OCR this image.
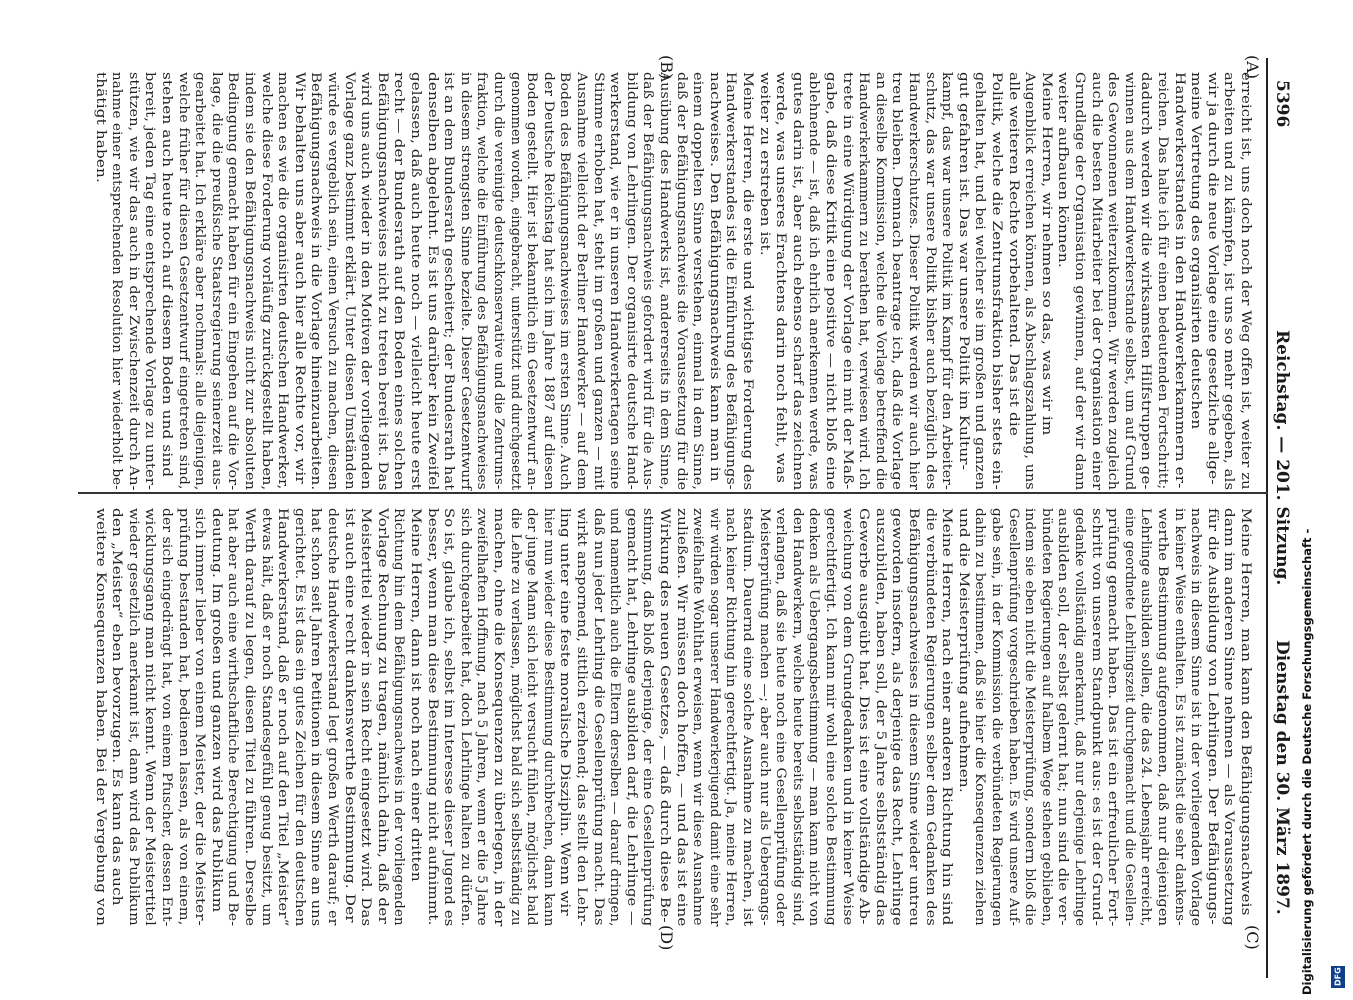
5396
Reichstag. — 201. Sitzung.
Dienstag den 30. März 1897.
(A)
(B)
(C)
(D)
erreicht ist, uns doch noch der Weg offen ist, weiter zu
arbeiten und zu kämpfen, ist uns so mehr gegeben, als
wir ja durch die neue Vorlage eine gesetzliche allge-
meine Vertretung des organisirten deutschen
Handwerkerstandes in den Handwerkerkammern er-
reichen. Das halte ich für einen bedeutenden Fortschritt;
dadurch werden wir die wirksamsten Hilfstruppen ge-
winnen aus dem Handwerkerstande selbst, um auf Grund
des Gewonnenen weiterzukommen. Wir werden zugleich
auch die besten Mitarbeiter bei der Organisation einer
Grundlage der Organisation gewinnen, auf der wir dann
weiter aufbauen können.
Meine Herren, wir nehmen so das, was wir im
Augenblick erreichen können, als Abschlagszahlung, uns
alle weiteren Rechte vorbehaltend. Das ist die
Politik, welche die Zentrumsfraktion bisher stets ein-
gehalten hat, und bei welcher sie im großen und ganzen
gut gefahren ist. Das war unsere Politik im Kultur-
kampf, das war unsere Politik im Kampf für den Arbeiter-
schutz, das war unsere Politik bisher auch bezüglich des
Handwerkerschutzes. Dieser Politik werden wir auch hier
treu bleiben. Demnach beantrage ich, daß die Vorlage
an dieselbe Kommission, welche die Vorlage betreffend die
Handwerkerkammern zu berathen hat, verwiesen wird. Ich
trete in eine Würdigung der Vorlage ein mit der Maß-
gabe, daß diese Kritik eine positive — nicht bloß eine
ablehnende — ist, daß ich ehrlich anerkennen werde, was
gutes darin ist, aber auch ebenso scharf das zeichnen
werde, was unseres Erachtens darin noch fehlt, was
weiter zu erstreben ist.
Meine Herren, die erste und wichtigste Forderung des
Handwerkerstandes ist die Einführung des Befähigungs-
nachweises. Den Befähigungsnachweis kann man in
einem doppelten Sinne verstehen, einmal in dem Sinne,
daß der Befähigungsnachweis die Voraussetzung für die
Ausübung des Handwerks ist, andererseits in dem Sinne,
daß der Befähigungsnachweis gefordert wird für die Aus-
bildung von Lehrlingen. Der organisirte deutsche Hand-
werkerstand, wie er in unseren Handwerkertagen seine
Stimme erhoben hat, steht im großen und ganzen — mit
Ausnahme vielleicht der Berliner Handwerker — auf dem
Boden des Befähigungsnachweises im ersten Sinne. Auch
der Deutsche Reichstag hat sich im Jahre 1887 auf diesen
Boden gestellt. Hier ist bekanntlich ein Gesetzentwurf an-
genommen worden, eingebracht, unterstützt und durchgesetzt
durch die vereinigte deutschkonservative und die Zentrums-
fraktion, welche die Einführung des Befähigungsnachweises
in diesem strengsten Sinne bezielte. Dieser Gesetzentwurf
ist an dem Bundesrath gescheitert; der Bundesrath hat
denselben abgelehnt. Es ist uns darüber kein Zweifel
gelassen, daß auch heute noch — vielleicht heute erst
recht — der Bundesrath auf den Boden eines solchen
Befähigungsnachweises nicht zu treten bereit ist. Das
wird uns auch wieder in den Motiven der vorliegenden
Vorlage ganz bestimmt erklärt. Unter diesen Umständen
würde es vergeblich sein, einen Versuch zu machen, diesen
Befähigungsnachweis in die Vorlage hineinzuarbeiten.
Wir behalten uns aber auch hier alle Rechte vor, wir
machen es wie die organisirten deutschen Handwerker,
welche diese Forderung vorläufig zurückgestellt haben,
indem sie den Befähigungsnachweis nicht zur absoluten
Bedingung gemacht haben für ein Eingehen auf die Vor-
lage, die die preußische Staatsregierung seinerzeit aus-
gearbeitet hat. Ich erkläre aber nochmals: alle diejenigen,
welche früher für diesen Gesetzentwurf eingetreten sind,
stehen auch heute noch auf diesem Boden und sind
bereit, jeden Tag eine entsprechende Vorlage zu unter-
stützen, wie wir das auch in der Zwischenzeit durch An-
nahme einer entsprechenden Resolution hier wiederholt be-
thätigt haben.
Meine Herren, man kann den Befähigungsnachweis
dann im anderen Sinne nehmen — als Voraussetzung
für die Ausbildung von Lehrlingen. Der Befähigungs-
nachweis in diesem Sinne ist in der vorliegenden Vorlage
in keiner Weise enthalten. Es ist zunächst die sehr dankens-
werthe Bestimmung aufgenommen, daß nur diejenigen
Lehrlinge ausbilden sollen, die das 24. Lebensjahr erreicht,
eine geordnete Lehrlingszeit durchgemacht und die Gesellen-
prüfung gemacht haben. Das ist ein erfreulicher Fort-
schritt von unserem Standpunkt aus: es ist der Grund-
gedanke vollständig anerkannt, daß nur derjenige Lehrlinge
ausbilden soll, der selbst gelernt hat; nun sind die ver-
bündeten Regierungen auf halbem Wege stehen geblieben,
indem sie eben nicht die Meisterprüfung, sondern bloß die
Gesellenprüfung vorgeschrieben haben. Es wird unsere Auf-
gabe sein, in der Kommission die verbündeten Regierungen
dahin zu bestimmen, daß sie hier die Konsequenzen ziehen
und die Meisterprüfung aufnehmen.
Meine Herren, nach einer anderen Richtung hin sind
die verbündeten Regierungen selber dem Gedanken des
Befähigungsnachweises in diesem Sinne wieder untreu
geworden insofern, als derjenige das Recht, Lehrlinge
auszubilden, haben soll, der 5 Jahre selbstständig das
Gewerbe ausgeübt hat. Dies ist eine vollständige Ab-
weichung von dem Grundgedanken und in keiner Weise
gerechtfertigt. Ich kann mir wohl eine solche Bestimmung
denken als Uebergangsbestimmung — man kann nicht von
den Handwerkern, welche heute bereits selbstständig sind,
verlangen, daß sie heute noch eine Gesellenprüfung oder
Meisterprüfung machen —; aber auch nur als Uebergangs-
stadium. Dauernd eine solche Ausnahme zu machen, ist
nach keiner Richtung hin gerechtfertigt. Ja, meine Herren,
wir würden sogar unserer Handwerkerjugend damit eine sehr
zweifelhafte Wohlthat erweisen, wenn wir diese Ausnahme
zuließen. Wir müssen doch hoffen, — und das ist eine
Wirkung des neuen Gesetzes, — daß durch diese Be-
stimmung, daß bloß derjenige, der eine Gesellenprüfung
gemacht hat, Lehrlinge ausbilden darf, die Lehrlinge —
und namentlich auch die Eltern derselben — darauf dringen,
daß nun jeder Lehrling die Gesellenprüfung macht. Das
wirkt anspornend, sittlich erziehend; das stellt den Lehr-
ling unter eine feste moralische Disziplin. Wenn wir
hier nun wieder diese Bestimmung durchbrechen, dann kann
der junge Mann sich leicht versucht fühlen, möglichst bald
die Lehre zu verlassen, möglichst bald sich selbstständig zu
machen, ohne die Konsequenzen zu überlegen, in der
zweifelhaften Hoffnung, nach 5 Jahren, wenn er die 5 Jahre
sich durchgearbeitet hat, doch Lehrlinge halten zu dürfen.
So ist, glaube ich, selbst im Interesse dieser Jugend es
besser, wenn man diese Bestimmung nicht aufnimmt.
Meine Herren, dann ist noch nach einer dritten
Richtung hin dem Befähigungsnachweis in der vorliegenden
Vorlage Rechnung zu tragen, nämlich dahin, daß der
Meistertitel wieder in sein Recht eingesetzt wird. Das
ist auch eine recht dankenswerthe Bestimmung. Der
deutsche Handwerkerstand legt großen Werth darauf; er
hat schon seit Jahren Petitionen in diesem Sinne an uns
gerichtet. Es ist das ein gutes Zeichen für den deutschen
Handwerkerstand, daß er noch auf den Titel „Meister“
etwas hält, daß er noch Standesgefühl genug besitzt, um
Werth darauf zu legen, diesen Titel zu führen. Derselbe
hat aber auch eine wirthschaftliche Berechtigung und Be-
deutung. Im großen und ganzen wird das Publikum
sich immer lieber von einem Meister, der die Meister-
prüfung bestanden hat, bedienen lassen, als von einem,
der sich eingedrängt hat, von einem Pfuscher, dessen Ent-
wicklungsgang man nicht kennt. Wenn der Meistertitel
wieder gesetzlich anerkannt ist, dann wird das Publikum
den „Meister“ eben bevorzugen. Es kann das auch
weitere Konsequenzen haben. Bei der Vergebung von	Digitalisierung gefördert durch die Deutsche Forschungsgemeinschaft -	DFG
